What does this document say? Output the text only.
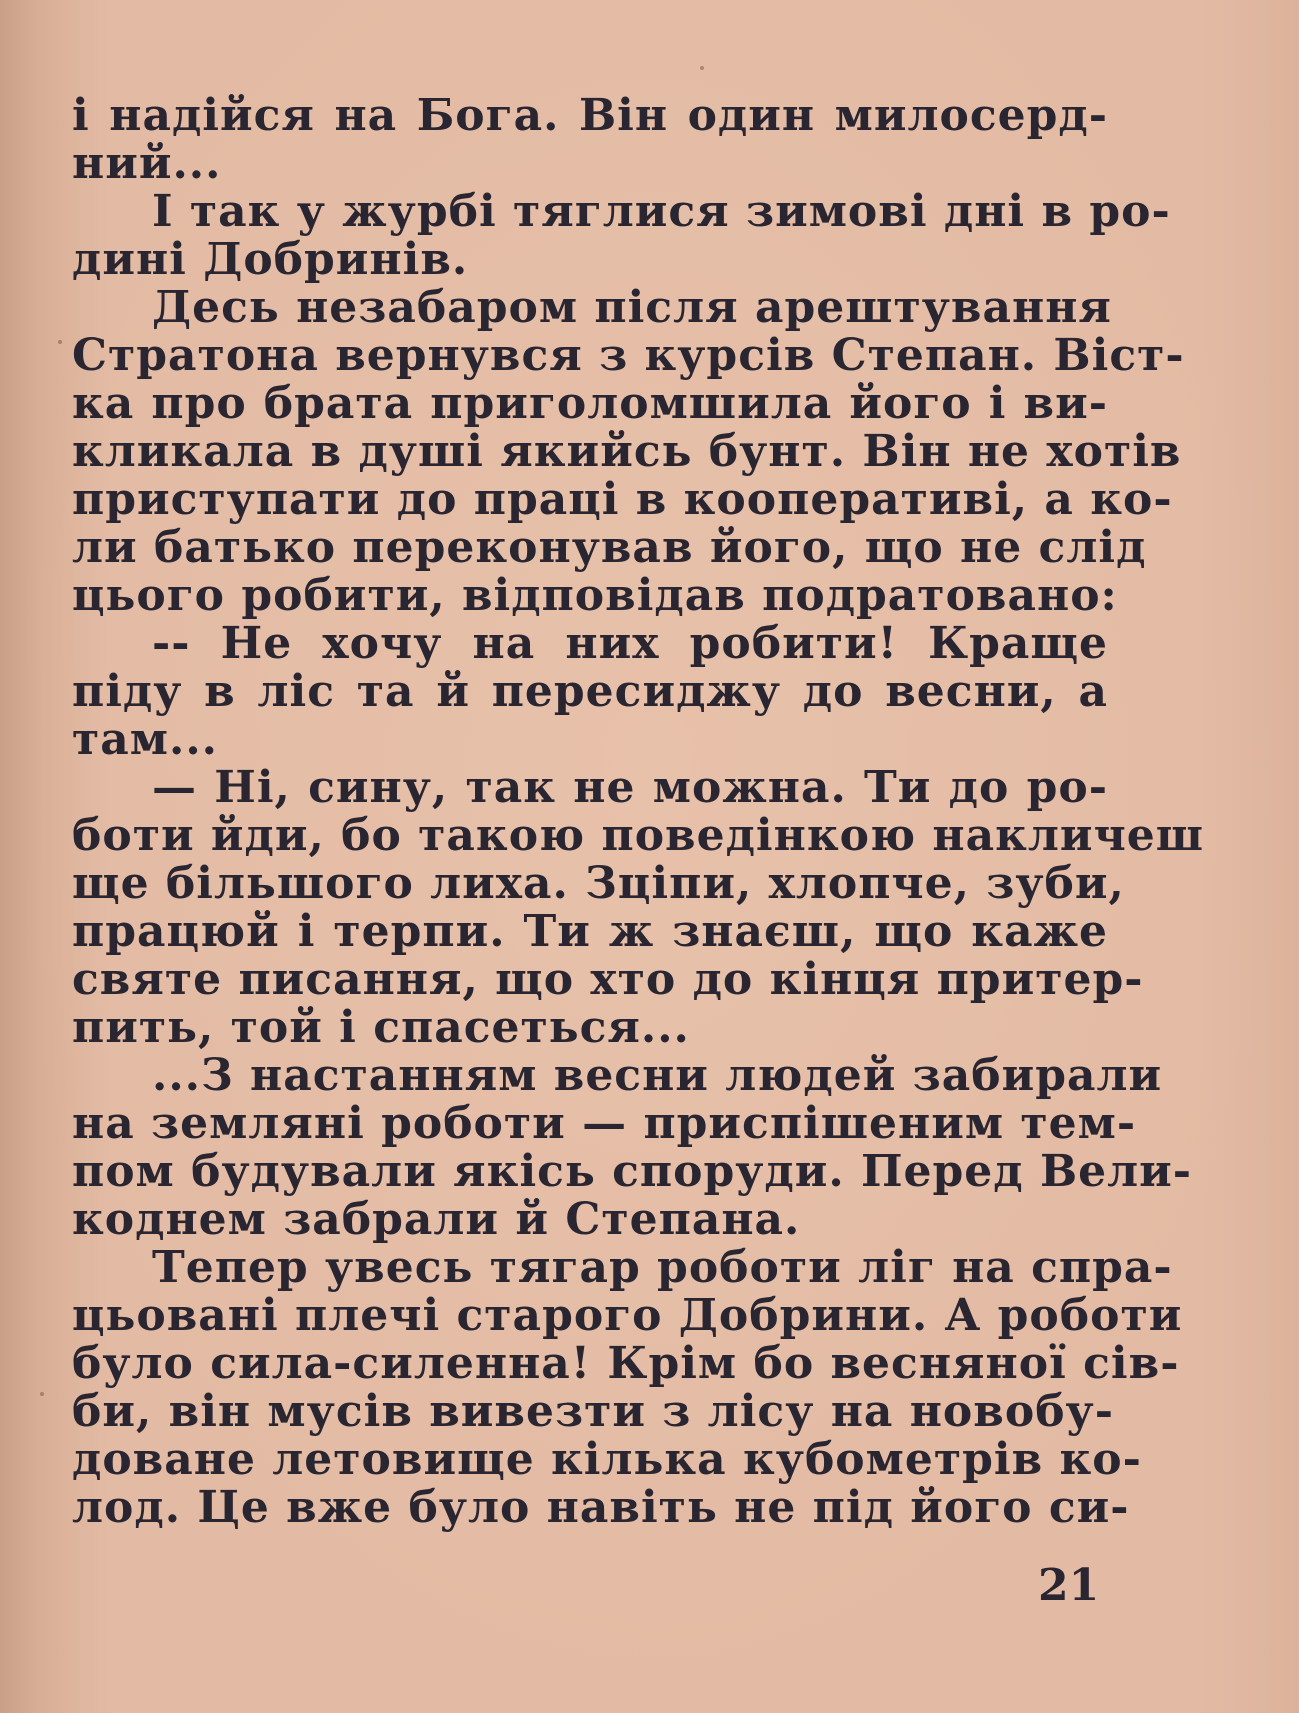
і надійся на Бога. Він один милосерд-
ний...
І так у журбі тяглися зимові дні в ро-
дині Добринів.
Десь незабаром після арештування
Стратона вернувся з курсів Степан. Віст-
ка про брата приголомшила його і ви-
кликала в душі якийсь бунт. Він не хотів
приступати до праці в кооперативі, а ко-
ли батько переконував його, що не слід
цього робити, відповідав подратовано:
-- Не хочу на них робити! Краще
піду в ліс та й пересиджу до весни, а
там...
— Ні, сину, так не можна. Ти до ро-
боти йди, бо такою поведінкою накличеш
ще більшого лиха. Зціпи, хлопче, зуби,
працюй і терпи. Ти ж знаєш, що каже
святе писання, що хто до кінця притер-
пить, той і спасеться...
...З настанням весни людей забирали
на земляні роботи — приспішеним тем-
пом будували якісь споруди. Перед Вели-
коднем забрали й Степана.
Тепер увесь тягар роботи ліг на спра-
цьовані плечі старого Добрини. А роботи
було сила-силенна! Крім бо весняної сів-
би, він мусів вивезти з лісу на новобу-
доване летовище кілька кубометрів ко-
лод. Це вже було навіть не під його си-
21
